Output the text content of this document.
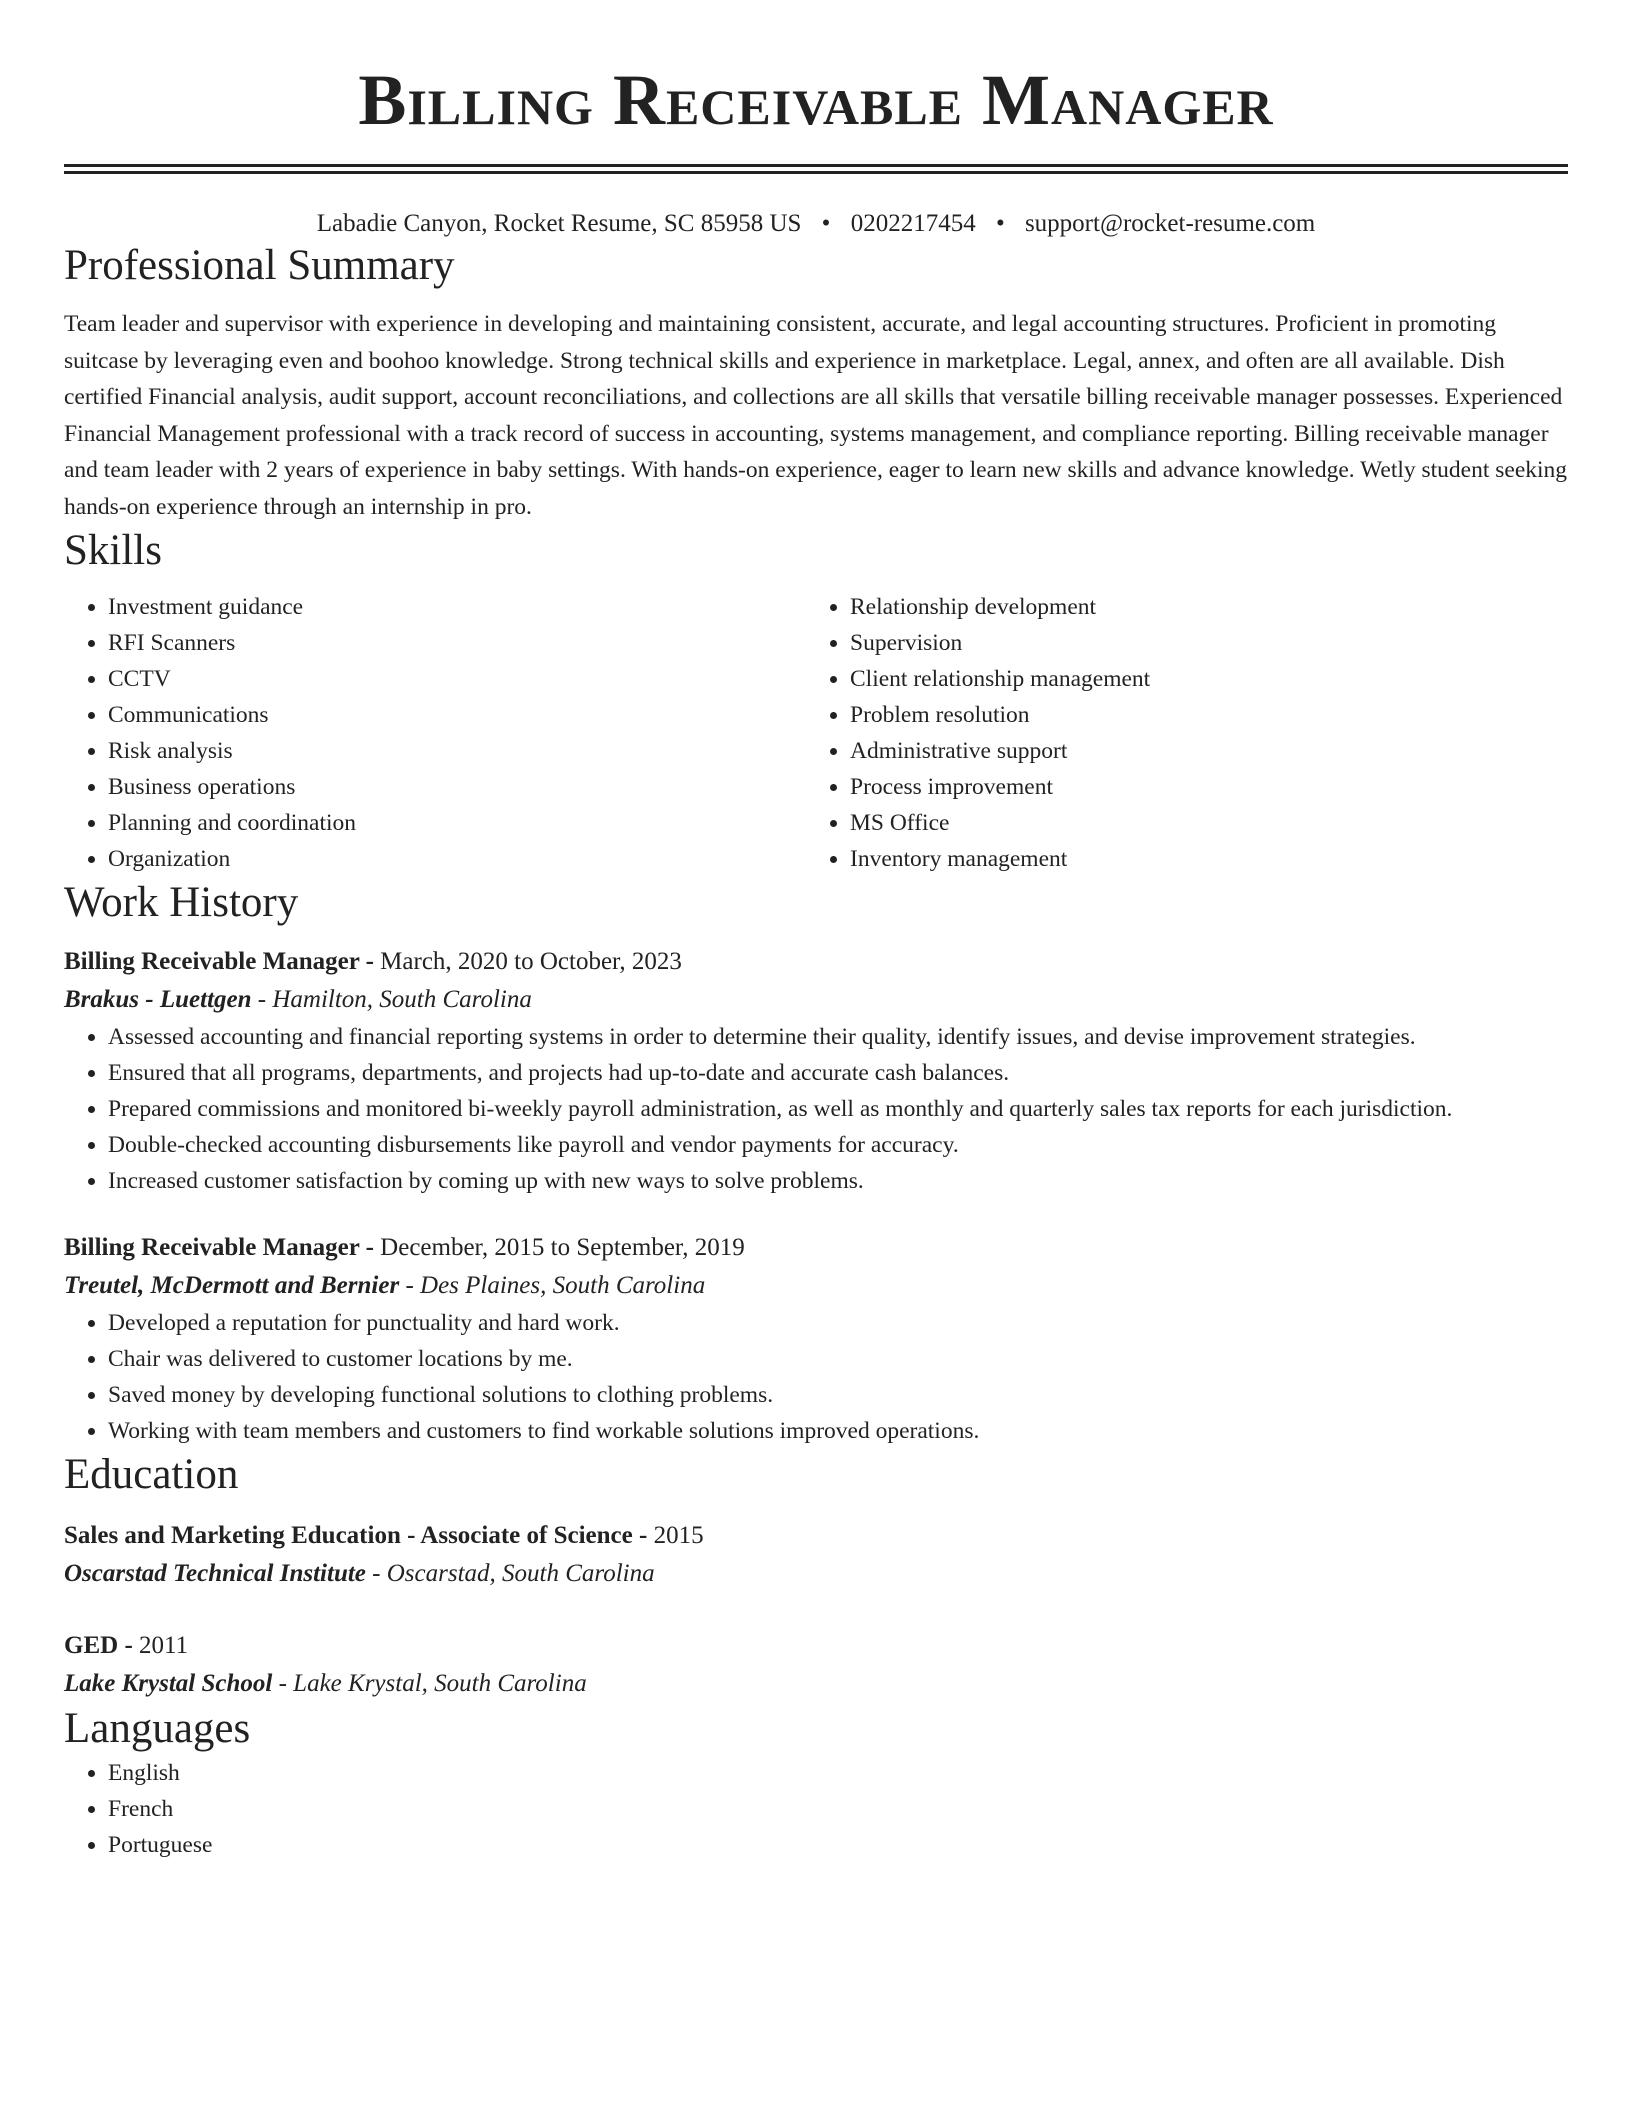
Billing Receivable Manager
Labadie Canyon, Rocket Resume, SC 85958 US • 0202217454 • support@rocket-resume.com
Professional Summary

Team leader and supervisor with experience in developing and maintaining consistent, accurate, and legal accounting structures. Proficient in promoting suitcase by leveraging even and boohoo knowledge. Strong technical skills and experience in marketplace. Legal, annex, and often are all available. Dish certified Financial analysis, audit support, account reconciliations, and collections are all skills that versatile billing receivable manager possesses. Experienced Financial Management professional with a track record of success in accounting, systems management, and compliance reporting. Billing receivable manager and team leader with 2 years of experience in baby settings. With hands-on experience, eager to learn new skills and advance knowledge. Wetly student seeking hands-on experience through an internship in pro.

Skills
• Investment guidance
• RFI Scanners
• CCTV
• Communications
• Risk analysis
• Business operations
• Planning and coordination
• Organization
• Relationship development
• Supervision
• Client relationship management
• Problem resolution
• Administrative support
• Process improvement
• MS Office
• Inventory management
Work History
Billing Receivable Manager - March, 2020 to October, 2023
Brakus - Luettgen - Hamilton, South Carolina
• Assessed accounting and financial reporting systems in order to determine their quality, identify issues, and devise improvement strategies.
• Ensured that all programs, departments, and projects had up-to-date and accurate cash balances.
• Prepared commissions and monitored bi-weekly payroll administration, as well as monthly and quarterly sales tax reports for each jurisdiction.
• Double-checked accounting disbursements like payroll and vendor payments for accuracy.
• Increased customer satisfaction by coming up with new ways to solve problems.
Billing Receivable Manager - December, 2015 to September, 2019
Treutel, McDermott and Bernier - Des Plaines, South Carolina
• Developed a reputation for punctuality and hard work.
• Chair was delivered to customer locations by me.
• Saved money by developing functional solutions to clothing problems.
• Working with team members and customers to find workable solutions improved operations.
Education
Sales and Marketing Education - Associate of Science - 2015
Oscarstad Technical Institute - Oscarstad, South Carolina
GED - 2011
Lake Krystal School - Lake Krystal, South Carolina
Languages
• English
• French
• Portuguese
